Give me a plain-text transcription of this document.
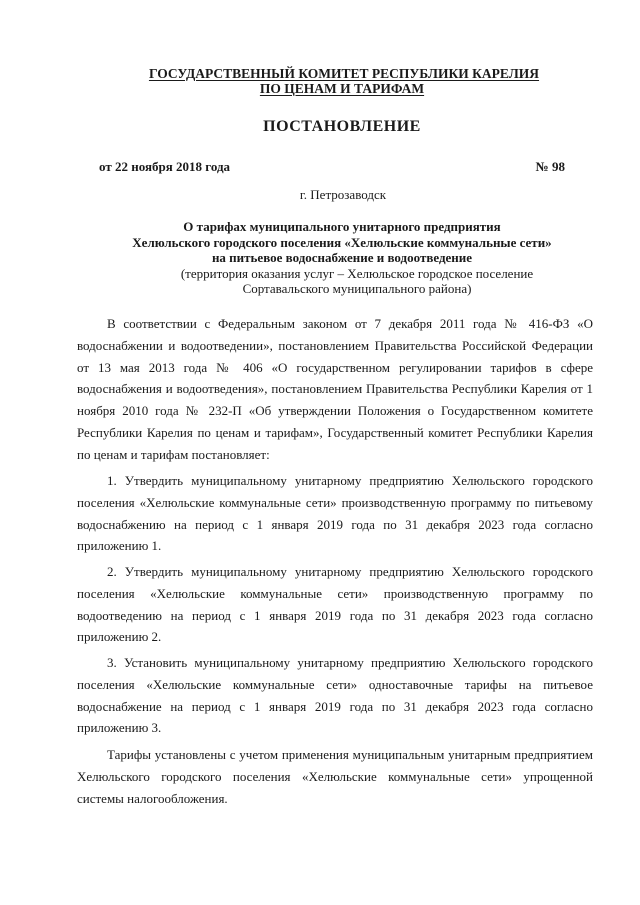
ГОСУДАРСТВЕННЫЙ КОМИТЕТ РЕСПУБЛИКИ КАРЕЛИЯ
ПО ЦЕНАМ И ТАРИФАМ
ПОСТАНОВЛЕНИЕ
от 22 ноября 2018 года	№ 98
г. Петрозаводск
О тарифах муниципального унитарного предприятия
Хелюльского городского поселения «Хелюльские коммунальные сети»
на питьевое водоснабжение и водоотведение
(территория оказания услуг – Хелюльское городское поселение
Сортавальского муниципального района)

В соответствии с Федеральным законом от 7 декабря 2011 года № 416-ФЗ «О водоснабжении и водоотведении», постановлением Правительства Российской Федерации от 13 мая 2013 года № 406 «О государственном регулировании тарифов в сфере водоснабжения и водоотведения», постановлением Правительства Республики Карелия от 1 ноября 2010 года № 232-П «Об утверждении Положения о Государственном комитете Республики Карелия по ценам и тарифам», Государственный комитет Республики Карелия по ценам и тарифам постановляет:

1. Утвердить муниципальному унитарному предприятию Хелюльского городского поселения «Хелюльские коммунальные сети» производственную программу по питьевому водоснабжению на период с 1 января 2019 года по 31 декабря 2023 года согласно приложению 1.

2. Утвердить муниципальному унитарному предприятию Хелюльского городского поселения «Хелюльские коммунальные сети» производственную программу по водоотведению на период с 1 января 2019 года по 31 декабря 2023 года согласно приложению 2.

3. Установить муниципальному унитарному предприятию Хелюльского городского поселения «Хелюльские коммунальные сети» одноставочные тарифы на питьевое водоснабжение на период с 1 января 2019 года по 31 декабря 2023 года согласно приложению 3.

Тарифы установлены с учетом применения муниципальным унитарным предприятием Хелюльского городского поселения «Хелюльские коммунальные сети» упрощенной системы налогообложения.
